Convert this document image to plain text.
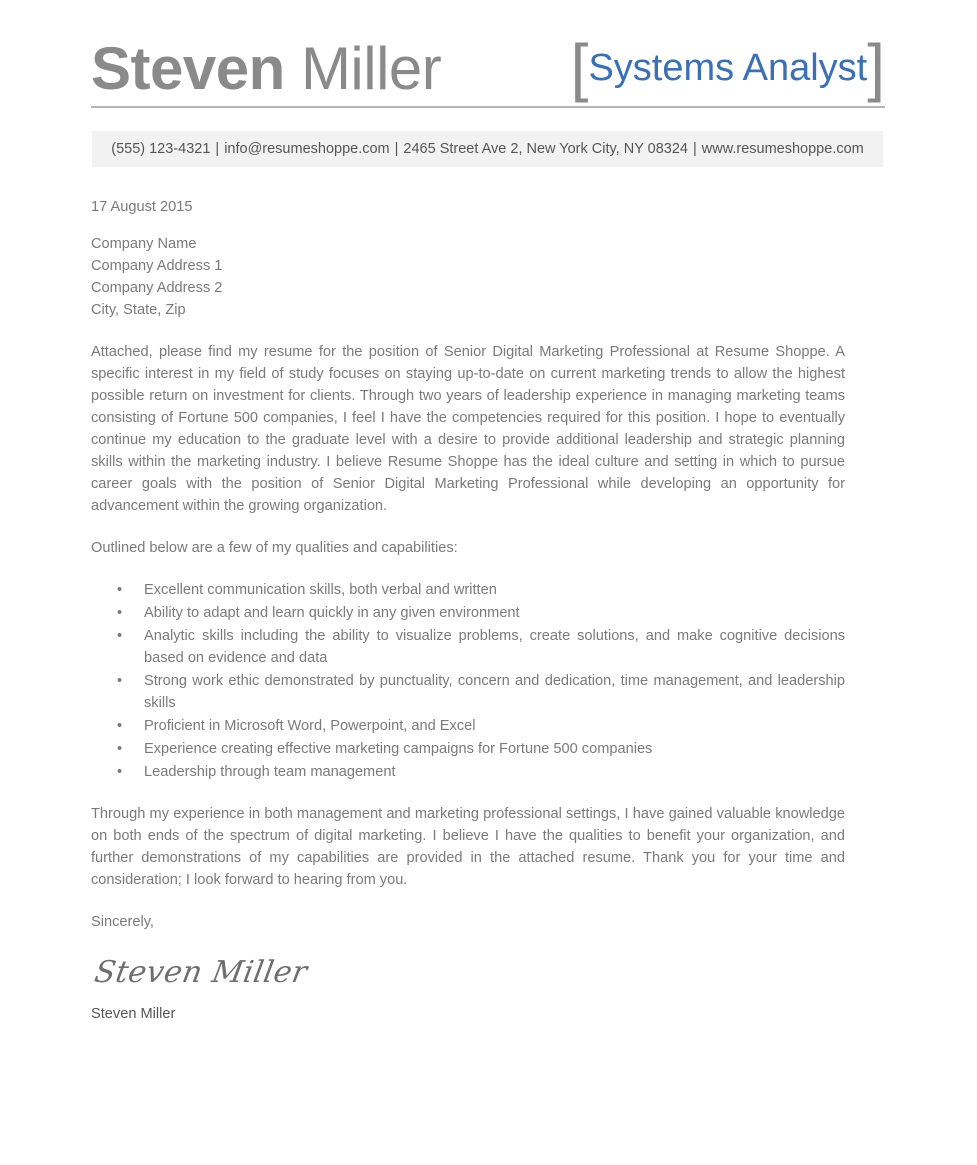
Steven Miller [Systems Analyst]
(555) 123-4321 | info@resumeshoppe.com | 2465 Street Ave 2, New York City, NY 08324 | www.resumeshoppe.com
17 August 2015
Company Name
Company Address 1
Company Address 2
City, State, Zip
Attached, please find my resume for the position of Senior Digital Marketing Professional at Resume Shoppe. A specific interest in my field of study focuses on staying up-to-date on current marketing trends to allow the highest possible return on investment for clients. Through two years of leadership experience in managing marketing teams consisting of Fortune 500 companies, I feel I have the competencies required for this position. I hope to eventually continue my education to the graduate level with a desire to provide additional leadership and strategic planning skills within the marketing industry. I believe Resume Shoppe has the ideal culture and setting in which to pursue career goals with the position of Senior Digital Marketing Professional while developing an opportunity for advancement within the growing organization.
Outlined below are a few of my qualities and capabilities:
• Excellent communication skills, both verbal and written
• Ability to adapt and learn quickly in any given environment
• Analytic skills including the ability to visualize problems, create solutions, and make cognitive decisions based on evidence and data
• Strong work ethic demonstrated by punctuality, concern and dedication, time management, and leadership skills
• Proficient in Microsoft Word, Powerpoint, and Excel
• Experience creating effective marketing campaigns for Fortune 500 companies
• Leadership through team management
Through my experience in both management and marketing professional settings, I have gained valuable knowledge on both ends of the spectrum of digital marketing. I believe I have the qualities to benefit your organization, and further demonstrations of my capabilities are provided in the attached resume. Thank you for your time and consideration; I look forward to hearing from you.
Sincerely,
Steven Miller
Steven Miller
